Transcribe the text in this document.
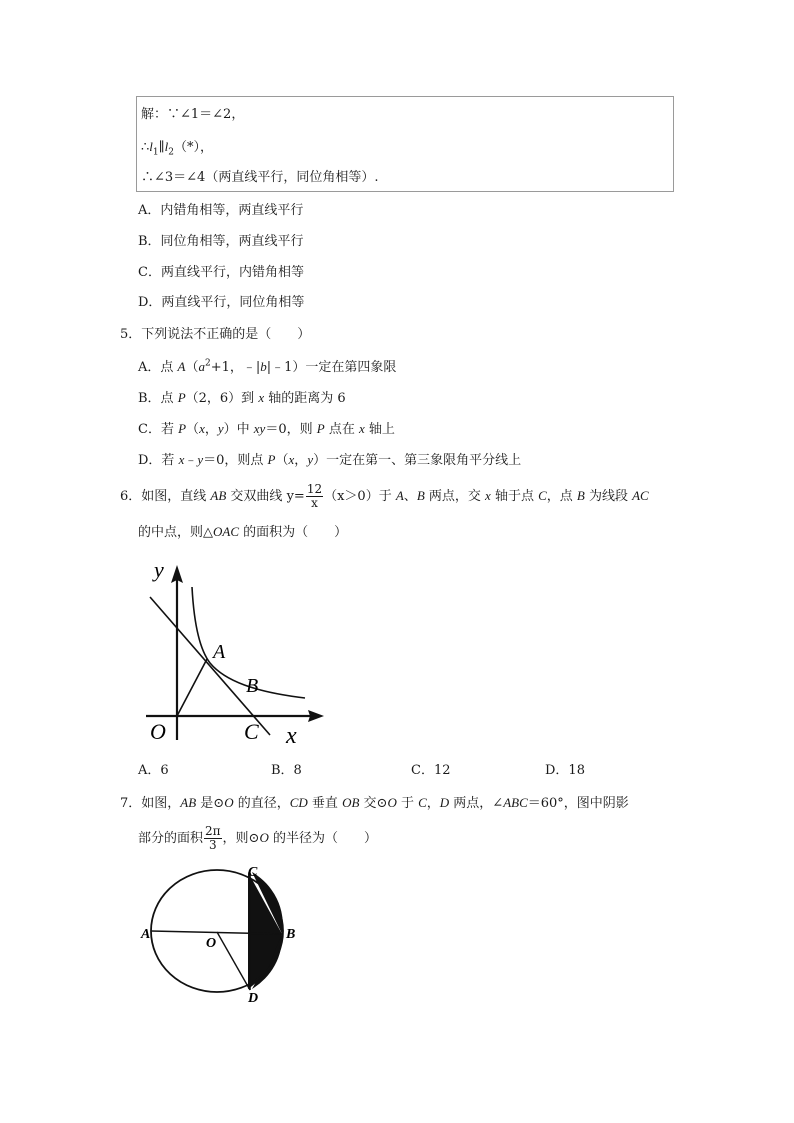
解：∵∠1＝∠2，
$\therefore l_1\parallel l_2(*)$，
∴∠3＝∠4（两直线平行，同位角相等）.
A．内错角相等，两直线平行
B．同位角相等，两直线平行
C．两直线平行，内错角相等
D．两直线平行，同位角相等
5．下列说法不正确的是（　　）
A．点 $A(a^2+1$，﹣|b|﹣1）一定在第四象限
B．点 P（2，6）到 x 轴的距离为 6
C．若 P（x，y）中 xy＝0，则 P 点在 x 轴上
D．若 x﹣y＝0，则点 P（x，y）一定在第一、第三象限角平分线上
6．如图，直线 AB 交双曲线 $y= \frac{12}{x} (x>0)$于 A、B 两点，交 x 轴于点 C，点 B 为线段 AC
的中点，则△OAC 的面积为（　　）
y
x
O
A
B
C
A．6	B．8	C．12	D．18
7．如图，AB 是⊙O 的直径，CD 垂直 OB 交⊙O 于 C，D 两点，∠ABC＝60°，图中阴影
部分的面积 $\frac{2\pi}{3}$ ，则⊙O 的半径为（　　）
A
O
B
C
D
